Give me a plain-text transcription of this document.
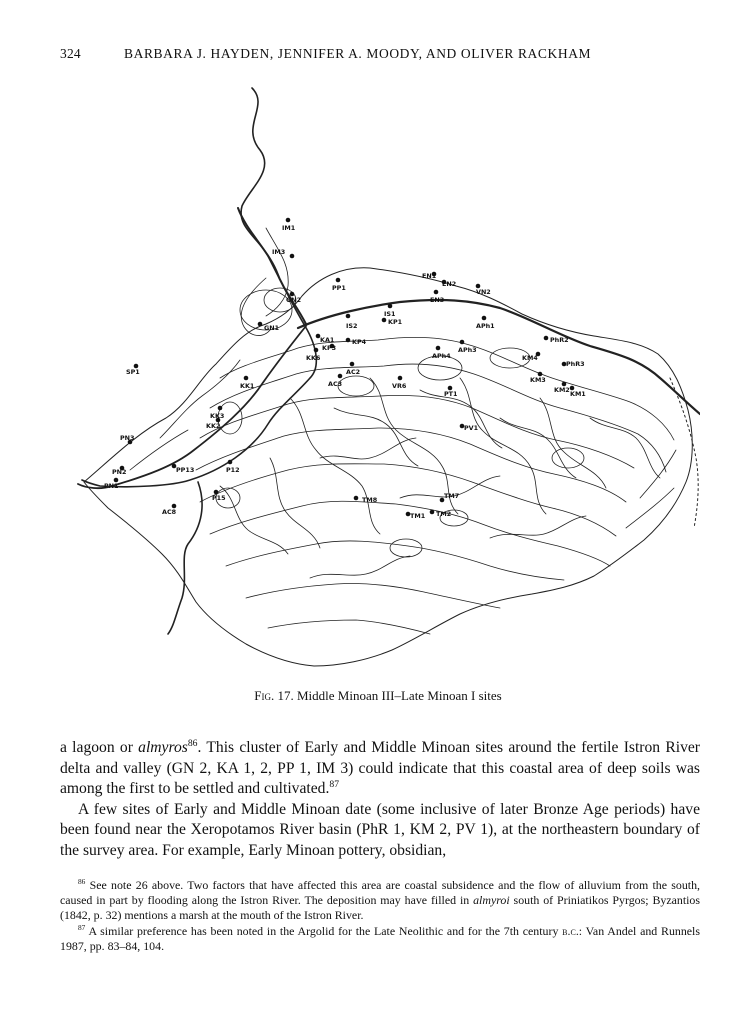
324	BARBARA J. HAYDEN, JENNIFER A. MOODY, AND OLIVER RACKHAM
IM1
IM3
PP1
EN1
EN2
EN3
VN2
GN2
GN1
KA1
IS2
IS1
KP1	APh1
PhR2
KP3
KP4
KK6
AC2
AC3
APh4
APh3
KM4
PhR3
SP1
KK1	VR6
PT1
KM3
KM2 KM1
KK3
KK2	PV1
PN3
PN2
PN1
PP13	P12
P15
AC8
TM8	TM7
TM1 TM2
Fig. 17. Middle Minoan III–Late Minoan I sites

a lagoon or almyros$^{86}$. This cluster of Early and Middle Minoan sites around the fertile Istron River delta and valley (GN 2, KA 1, 2, PP 1, IM 3) could indicate that this coastal area of deep soils was among the first to be settled and cultivated.$^{87}$

A few sites of Early and Middle Minoan date (some inclusive of later Bronze Age periods) have been found near the Xeropotamos River basin (PhR 1, KM 2, PV 1), at the northeastern boundary of the survey area. For example, Early Minoan pottery, obsidian,

$^{86}$ See note 26 above. Two factors that have affected this area are coastal subsidence and the flow of alluvium from the south, caused in part by flooding along the Istron River. The deposition may have filled in almyroi south of Priniatikos Pyrgos; Byzantios (1842, p. 32) mentions a marsh at the mouth of the Istron River.

$^{87}$ A similar preference has been noted in the Argolid for the Late Neolithic and for the 7th century b.c.: Van Andel and Runnels 1987, pp. 83–84, 104.
